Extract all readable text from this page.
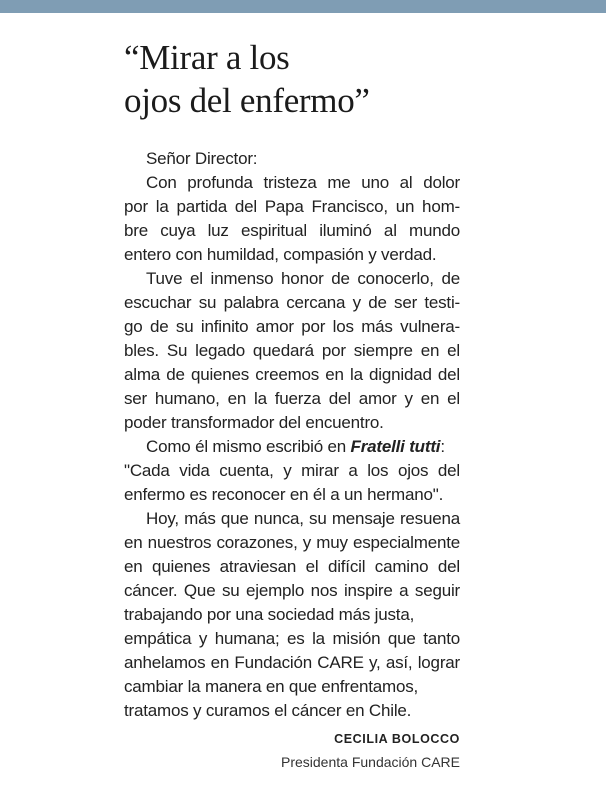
“Mirar a los
ojos del enfermo”
Señor Director:
Con profunda tristeza me uno al dolor
por la partida del Papa Francisco, un hom-
bre cuya luz espiritual iluminó al mundo
entero con humildad, compasión y verdad.
Tuve el inmenso honor de conocerlo, de
escuchar su palabra cercana y de ser testi-
go de su infinito amor por los más vulnera-
bles. Su legado quedará por siempre en el
alma de quienes creemos en la dignidad del
ser humano, en la fuerza del amor y en el
poder transformador del encuentro.
Como él mismo escribió en Fratelli tutti:
"Cada vida cuenta, y mirar a los ojos del
enfermo es reconocer en él a un hermano".
Hoy, más que nunca, su mensaje resuena
en nuestros corazones, y muy especialmente
en quienes atraviesan el difícil camino del
cáncer. Que su ejemplo nos inspire a seguir
trabajando por una sociedad más justa,
empática y humana; es la misión que tanto
anhelamos en Fundación CARE y, así, lograr
cambiar la manera en que enfrentamos,
tratamos y curamos el cáncer en Chile.
CECILIA BOLOCCO
Presidenta Fundación CARE
